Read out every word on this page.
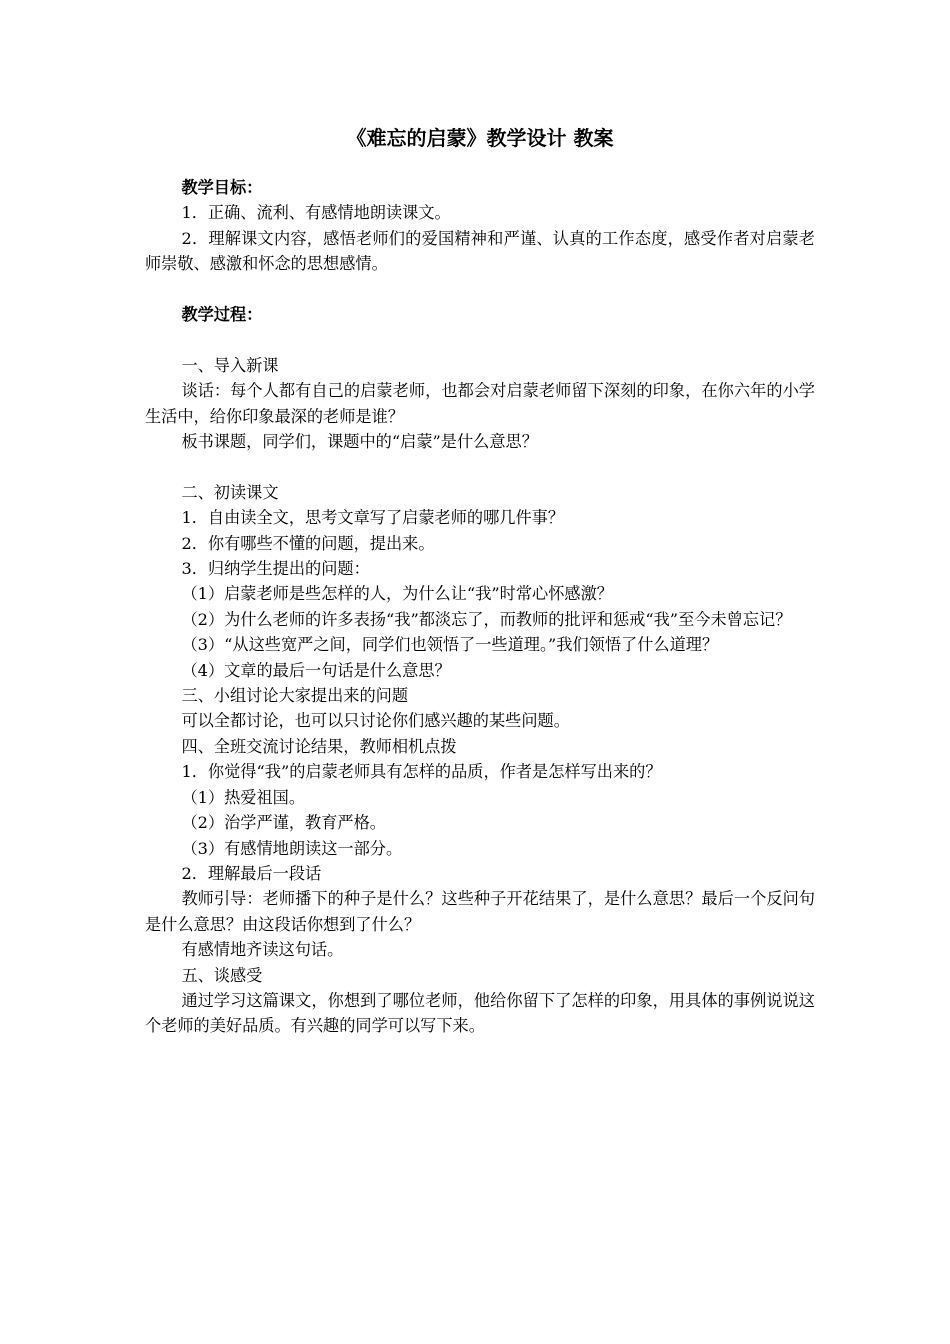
《难忘的启蒙》教学设计 教案

教学目标：

1．正确、流利、有感情地朗读课文。

2．理解课文内容，感悟老师们的爱国精神和严谨、认真的工作态度，感受作者对启蒙老师崇敬、感激和怀念的思想感情。

教学过程：

一、导入新课

谈话：每个人都有自己的启蒙老师，也都会对启蒙老师留下深刻的印象，在你六年的小学生活中，给你印象最深的老师是谁？

板书课题，同学们，课题中的“启蒙”是什么意思？

二、初读课文

1．自由读全文，思考文章写了启蒙老师的哪几件事？

2．你有哪些不懂的问题，提出来。

3．归纳学生提出的问题：

（1）启蒙老师是些怎样的人，为什么让“我”时常心怀感激？

（2）为什么老师的许多表扬“我”都淡忘了，而教师的批评和惩戒“我”至今未曾忘记？

（3）“从这些宽严之间，同学们也领悟了一些道理。”我们领悟了什么道理？

（4）文章的最后一句话是什么意思？

三、小组讨论大家提出来的问题

可以全都讨论，也可以只讨论你们感兴趣的某些问题。

四、全班交流讨论结果，教师相机点拨

1．你觉得“我”的启蒙老师具有怎样的品质，作者是怎样写出来的？

（1）热爱祖国。

（2）治学严谨，教育严格。

（3）有感情地朗读这一部分。

2．理解最后一段话

教师引导：老师播下的种子是什么？这些种子开花结果了，是什么意思？最后一个反问句是什么意思？由这段话你想到了什么？

有感情地齐读这句话。

五、谈感受

通过学习这篇课文，你想到了哪位老师，他给你留下了怎样的印象，用具体的事例说说这个老师的美好品质。有兴趣的同学可以写下来。
